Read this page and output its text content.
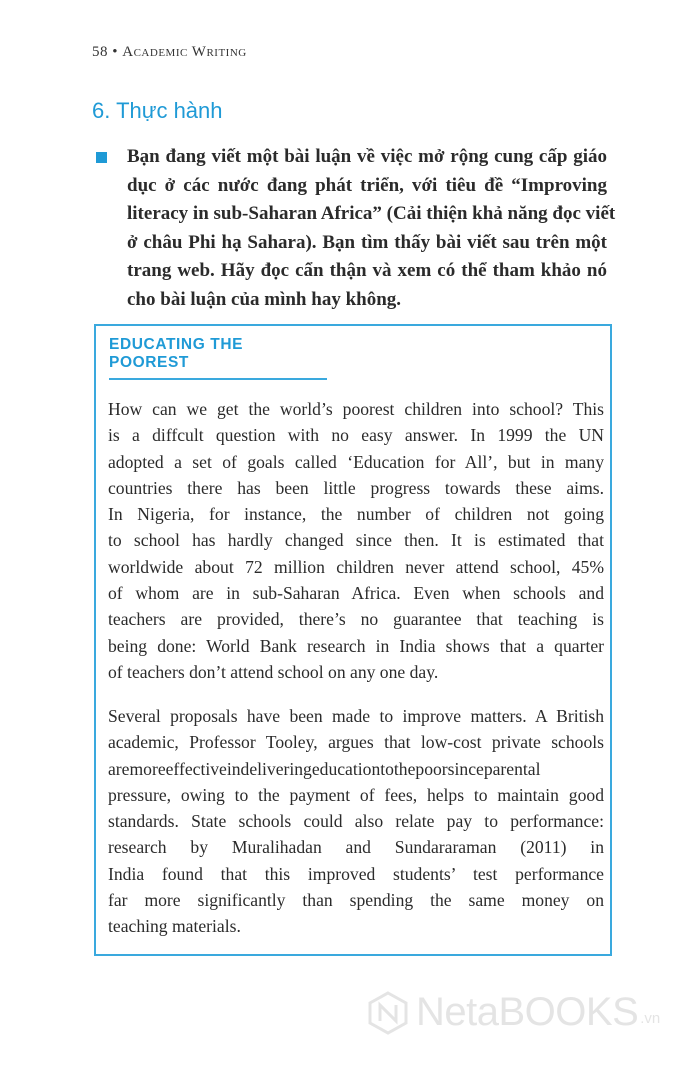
58 • Academic Writing
6. Thực hành
Bạn đang viết một bài luận về việc mở rộng cung cấp giáo
dục ở các nước đang phát triển, với tiêu đề “Improving
literacy in sub-Saharan Africa” (Cải thiện khả năng đọc viết
ở châu Phi hạ Sahara). Bạn tìm thấy bài viết sau trên một
trang web. Hãy đọc cẩn thận và xem có thể tham khảo nó
cho bài luận của mình hay không.
EDUCATING THE POOREST
How can we get the world’s poorest children into school? This
is a diffcult question with no easy answer. In 1999 the UN
adopted a set of goals called ‘Education for All’, but in many
countries there has been little progress towards these aims.
In Nigeria, for instance, the number of children not going
to school has hardly changed since then. It is estimated that
worldwide about 72 million children never attend school, 45%
of whom are in sub-Saharan Africa. Even when schools and
teachers are provided, there’s no guarantee that teaching is
being done: World Bank research in India shows that a quarter
of teachers don’t attend school on any one day.
Several proposals have been made to improve matters. A British
academic, Professor Tooley, argues that low-cost private schools
aremoreeffectiveindeliveringeducationtothepoorsinceparental
pressure, owing to the payment of fees, helps to maintain good
standards. State schools could also relate pay to performance:
research by Muralihadan and Sundararaman (2011) in
India found that this improved students’ test performance
far more significantly than spending the same money on
teaching materials.
NetaBOOKS .vn
